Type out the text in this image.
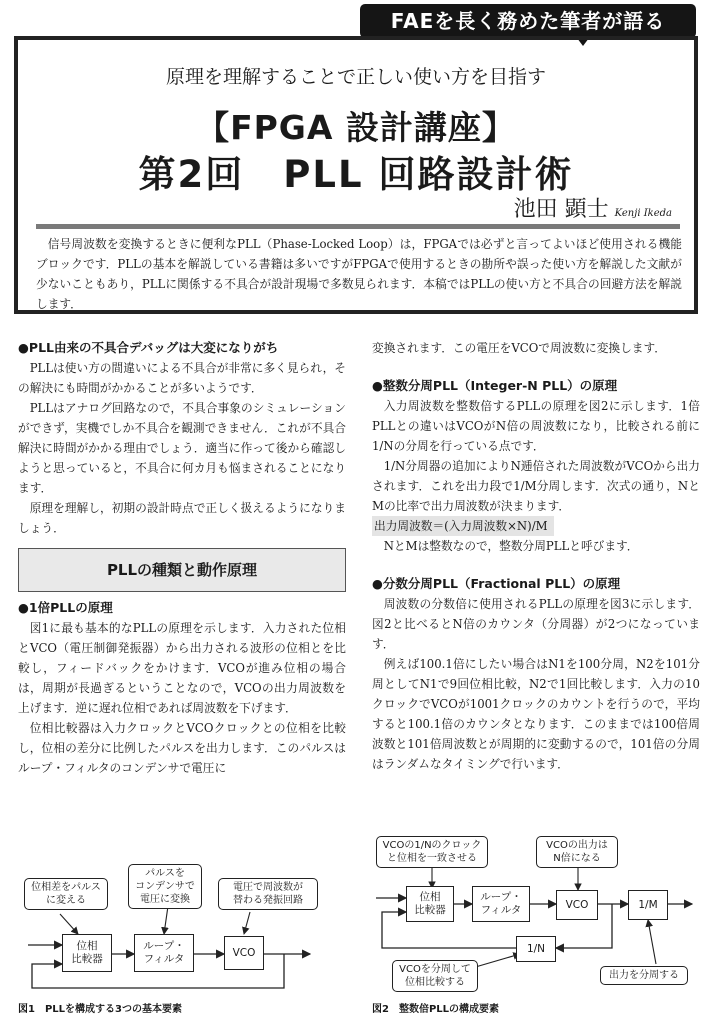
FAEを長く務めた筆者が語る
原理を理解することで正しい使い方を目指す
【FPGA 設計講座】
第2回　PLL 回路設計術
池田 顕士 Kenji Ikeda

信号周波数を変換するときに便利なPLL（Phase-Locked Loop）は，FPGAでは必ずと言ってよいほど使用される機能ブロックです．PLLの基本を解説している書籍は多いですがFPGAで使用するときの勘所や誤った使い方を解説した文献が少ないこともあり，PLLに関係する不具合が設計現場で多数見られます．本稿ではPLLの使い方と不具合の回避方法を解説します．

●PLL由来の不具合デバッグは大変になりがち

PLLは使い方の間違いによる不具合が非常に多く見られ，その解決にも時間がかかることが多いようです．

PLLはアナログ回路なので，不具合事象のシミュレーションができず，実機でしか不具合を観測できません．これが不具合解決に時間がかかる理由でしょう．適当に作って後から確認しようと思っていると，不具合に何カ月も悩まされることになります．

原理を理解し，初期の設計時点で正しく扱えるようになりましょう．

PLLの種類と動作原理
●1倍PLLの原理

図1に最も基本的なPLLの原理を示します．入力された位相とVCO（電圧制御発振器）から出力される波形の位相とを比較し，フィードバックをかけます．VCOが進み位相の場合は，周期が長過ぎるということなので，VCOの出力周波数を上げます．逆に遅れ位相であれば周波数を下げます．

位相比較器は入力クロックとVCOクロックとの位相を比較し，位相の差分に比例したパルスを出力します．このパルスはループ・フィルタのコンデンサで電圧に

変換されます．この電圧をVCOで周波数に変換します．

●整数分周PLL（Integer-N PLL）の原理

入力周波数を整数倍するPLLの原理を図2に示します．1倍PLLとの違いはVCOがN倍の周波数になり，比較される前に1/Nの分周を行っている点です．

1/N分周器の追加によりN逓倍された周波数がVCOから出力されます．これを出力段で1/M分周します．次式の通り，NとMの比率で出力周波数が決まります．

出力周波数＝(入力周波数×N)/M

NとMは整数なので，整数分周PLLと呼びます．

●分数分周PLL（Fractional PLL）の原理

周波数の分数倍に使用されるPLLの原理を図3に示します．図2と比べるとN倍のカウンタ（分周器）が2つになっています．

例えば100.1倍にしたい場合はN1を100分周，N2を101分周としてN1で9回位相比較，N2で1回比較します．入力の10クロックでVCOが1001クロックのカウントを行うので，平均すると100.1倍のカウンタとなります．このままでは100倍周波数と101倍周波数とが周期的に変動するので，101倍の分周はランダムなタイミングで行います．

位相
比較器
ループ・
フィルタ
VCO
位相差をパルス
に変える
パルスを
コンデンサで
電圧に変換
電圧で周波数が
替わる発振回路
図1　PLLを構成する3つの基本要素
位相
比較器
ループ・
フィルタ	VCO	1/M
1/N
VCOの1/Nのクロック
と位相を一致させる
VCOの出力は
N倍になる
VCOを分周して
位相比較する
出力を分周する
図2　整数倍PLLの構成要素
